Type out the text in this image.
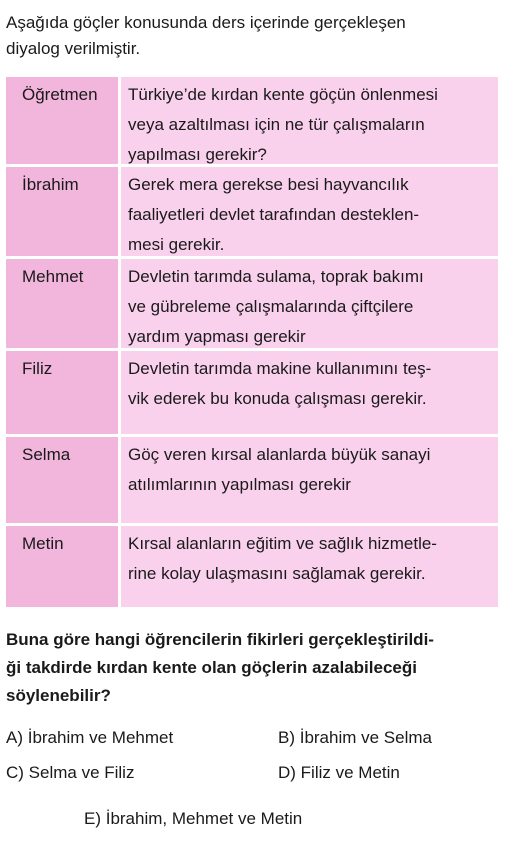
Aşağıda göçler konusunda ders içerinde gerçekleşen
diyalog verilmiştir.
Öğretmen	Türkiye’de kırdan kente göçün önlenmesi
veya azaltılması için ne tür çalışmaların
yapılması gerekir?
İbrahim	Gerek mera gerekse besi hayvancılık
faaliyetleri devlet tarafından desteklen-
mesi gerekir.
Mehmet	Devletin tarımda sulama, toprak bakımı
ve gübreleme çalışmalarında çiftçilere
yardım yapması gerekir
Filiz	Devletin tarımda makine kullanımını teş-
vik ederek bu konuda çalışması gerekir.
Selma	Göç veren kırsal alanlarda büyük sanayi
atılımlarının yapılması gerekir
Metin	Kırsal alanların eğitim ve sağlık hizmetle-
rine kolay ulaşmasını sağlamak gerekir.
Buna göre hangi öğrencilerin fikirleri gerçekleştirildi-
ği takdirde kırdan kente olan göçlerin azalabileceği
söylenebilir?
A) İbrahim ve Mehmet	B) İbrahim ve Selma
C) Selma ve Filiz	D) Filiz ve Metin
E) İbrahim, Mehmet ve Metin
